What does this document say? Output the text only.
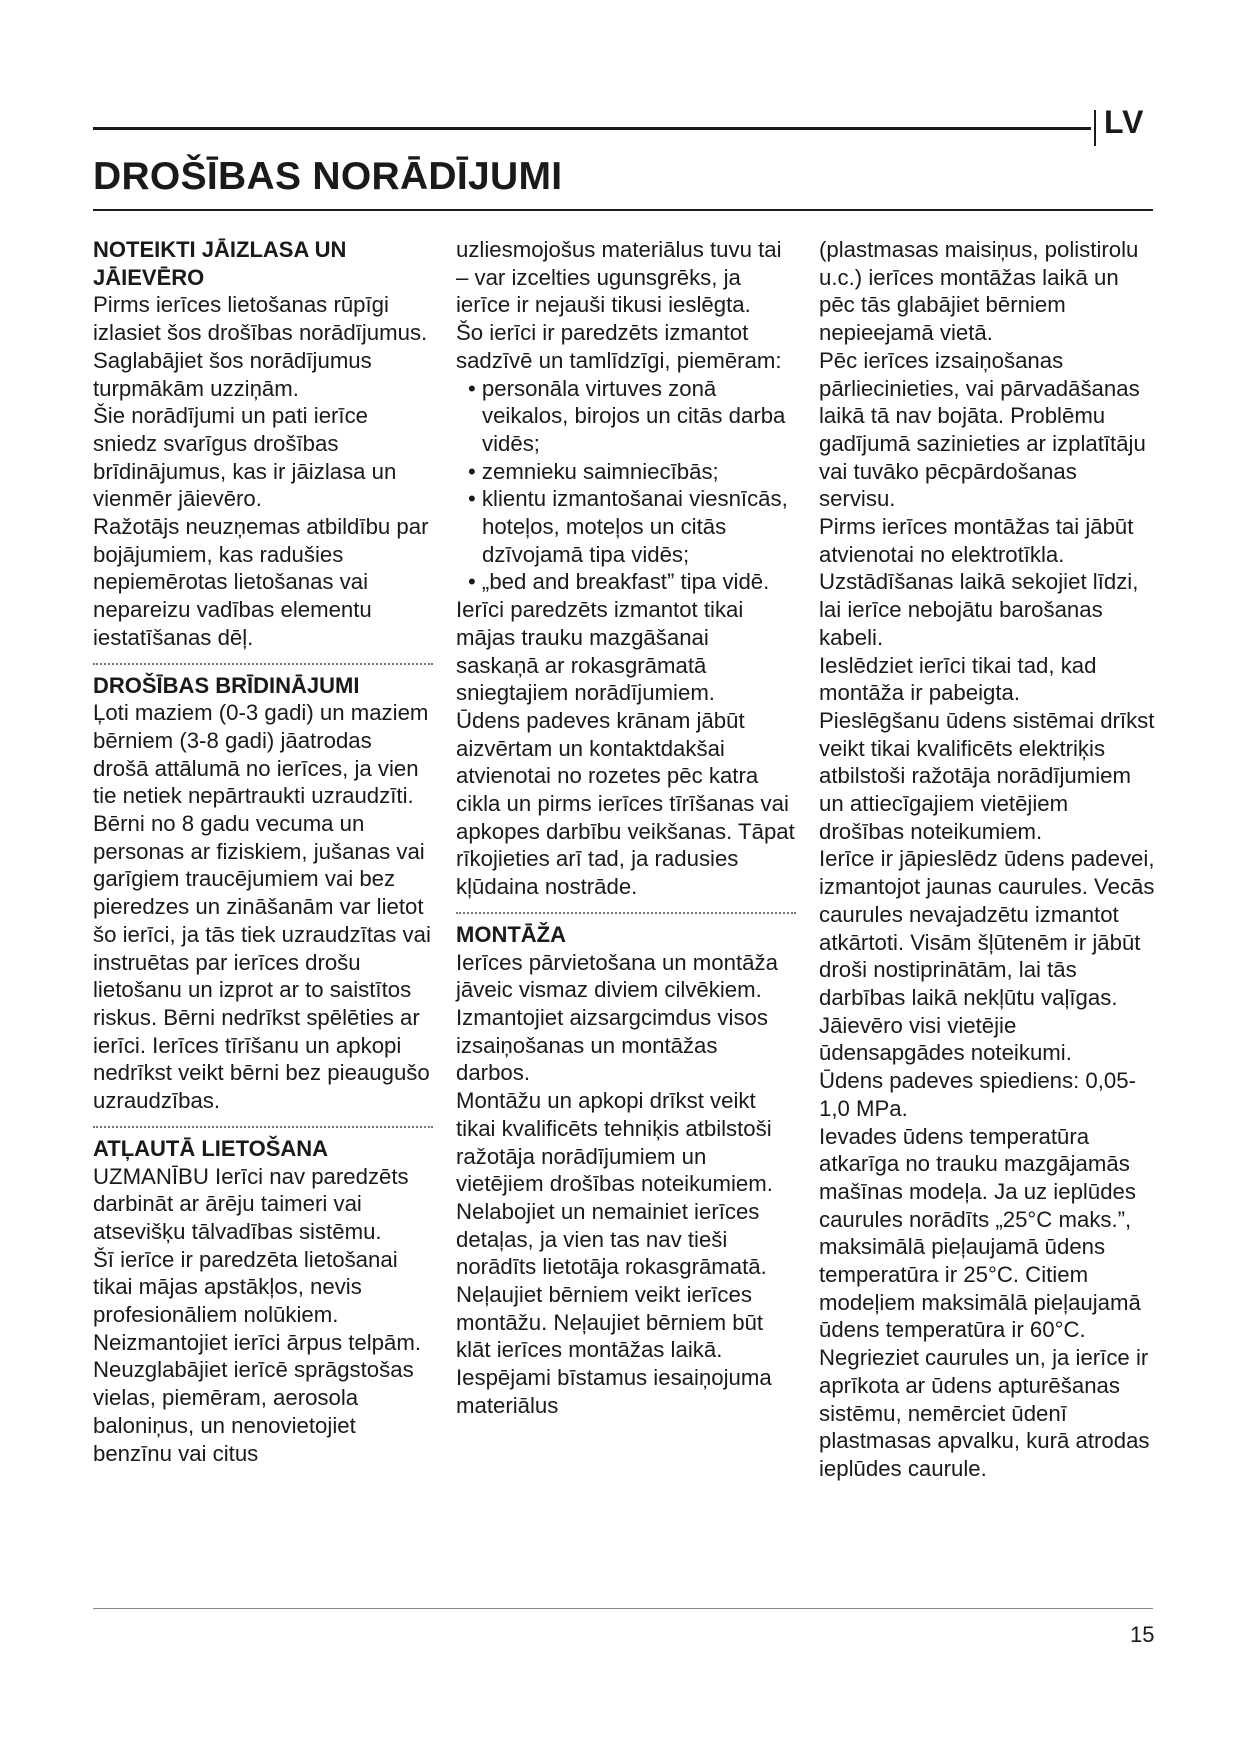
LV
DROŠĪBAS NORĀDĪJUMI
NOTEIKTI JĀIZLASA UN JĀIEVĒRO

Pirms ierīces lietošanas rūpīgi izlasiet šos drošības norādījumus.

Saglabājiet šos norādījumus turpmākām uzziņām.

Šie norādījumi un pati ierīce sniedz svarīgus drošības brīdinājumus, kas ir jāizlasa un vienmēr jāievēro.

Ražotājs neuzņemas atbildību par bojājumiem, kas radušies nepiemērotas lietošanas vai nepareizu vadības elementu iestatīšanas dēļ.

DROŠĪBAS BRĪDINĀJUMI

Ļoti maziem (0-3 gadi) un maziem bērniem (3-8 gadi) jāatrodas drošā attālumā no ierīces, ja vien tie netiek nepārtraukti uzraudzīti. Bērni no 8 gadu vecuma un personas ar fiziskiem, jušanas vai garīgiem traucējumiem vai bez pieredzes un zināšanām var lietot šo ierīci, ja tās tiek uzraudzītas vai instruētas par ierīces drošu lietošanu un izprot ar to saistītos riskus. Bērni nedrīkst spēlēties ar ierīci. Ierīces tīrīšanu un apkopi nedrīkst veikt bērni bez pieaugušo uzraudzības.

ATĻAUTĀ LIETOŠANA

UZMANĪBU Ierīci nav paredzēts darbināt ar ārēju taimeri vai atsevišķu tālvadības sistēmu.

Šī ierīce ir paredzēta lietošanai tikai mājas apstākļos, nevis profesionāliem nolūkiem.

Neizmantojiet ierīci ārpus telpām.

Neuzglabājiet ierīcē sprāgstošas vielas, piemēram, aerosola baloniņus, un nenovietojiet benzīnu vai citus

uzliesmojošus materiālus tuvu tai – var izcelties ugunsgrēks, ja ierīce ir nejauši tikusi ieslēgta.

Šo ierīci ir paredzēts izmantot sadzīvē un tamlīdzīgi, piemēram:

• personāla virtuves zonā veikalos, birojos un citās darba vidēs;

• zemnieku saimniecībās;

• klientu izmantošanai viesnīcās, hoteļos, moteļos un citās dzīvojamā tipa vidēs;

• „bed and breakfast” tipa vidē.

Ierīci paredzēts izmantot tikai mājas trauku mazgāšanai saskaņā ar rokasgrāmatā sniegtajiem norādījumiem.

Ūdens padeves krānam jābūt aizvērtam un kontaktdakšai atvienotai no rozetes pēc katra cikla un pirms ierīces tīrīšanas vai apkopes darbību veikšanas. Tāpat rīkojieties arī tad, ja radusies kļūdaina nostrāde.

MONTĀŽA

Ierīces pārvietošana un montāža jāveic vismaz diviem cilvēkiem. Izmantojiet aizsargcimdus visos izsaiņošanas un montāžas darbos.

Montāžu un apkopi drīkst veikt tikai kvalificēts tehniķis atbilstoši ražotāja norādījumiem un vietējiem drošības noteikumiem.

Nelabojiet un nemainiet ierīces detaļas, ja vien tas nav tieši norādīts lietotāja rokasgrāmatā. Neļaujiet bērniem veikt ierīces montāžu. Neļaujiet bērniem būt klāt ierīces montāžas laikā. Iespējami bīstamus iesaiņojuma materiālus

(plastmasas maisiņus, polistirolu u.c.) ierīces montāžas laikā un pēc tās glabājiet bērniem nepieejamā vietā.

Pēc ierīces izsaiņošanas pārliecinieties, vai pārvadāšanas laikā tā nav bojāta. Problēmu gadījumā sazinieties ar izplatītāju vai tuvāko pēcpārdošanas servisu.

Pirms ierīces montāžas tai jābūt atvienotai no elektrotīkla.

Uzstādīšanas laikā sekojiet līdzi, lai ierīce nebojātu barošanas kabeli.

Ieslēdziet ierīci tikai tad, kad montāža ir pabeigta.

Pieslēgšanu ūdens sistēmai drīkst veikt tikai kvalificēts elektriķis atbilstoši ražotāja norādījumiem un attiecīgajiem vietējiem drošības noteikumiem.

Ierīce ir jāpieslēdz ūdens padevei, izmantojot jaunas caurules. Vecās caurules nevajadzētu izmantot atkārtoti. Visām šļūtenēm ir jābūt droši nostiprinātām, lai tās darbības laikā nekļūtu vaļīgas.

Jāievēro visi vietējie ūdensapgādes noteikumi.

Ūdens padeves spiediens: 0,05-1,0 MPa.

Ievades ūdens temperatūra atkarīga no trauku mazgājamās mašīnas modeļa. Ja uz ieplūdes caurules norādīts „25°C maks.”, maksimālā pieļaujamā ūdens temperatūra ir 25°C. Citiem modeļiem maksimālā pieļaujamā ūdens temperatūra ir 60°C.

Negrieziet caurules un, ja ierīce ir aprīkota ar ūdens apturēšanas sistēmu, nemērciet ūdenī plastmasas apvalku, kurā atrodas ieplūdes caurule.

15
